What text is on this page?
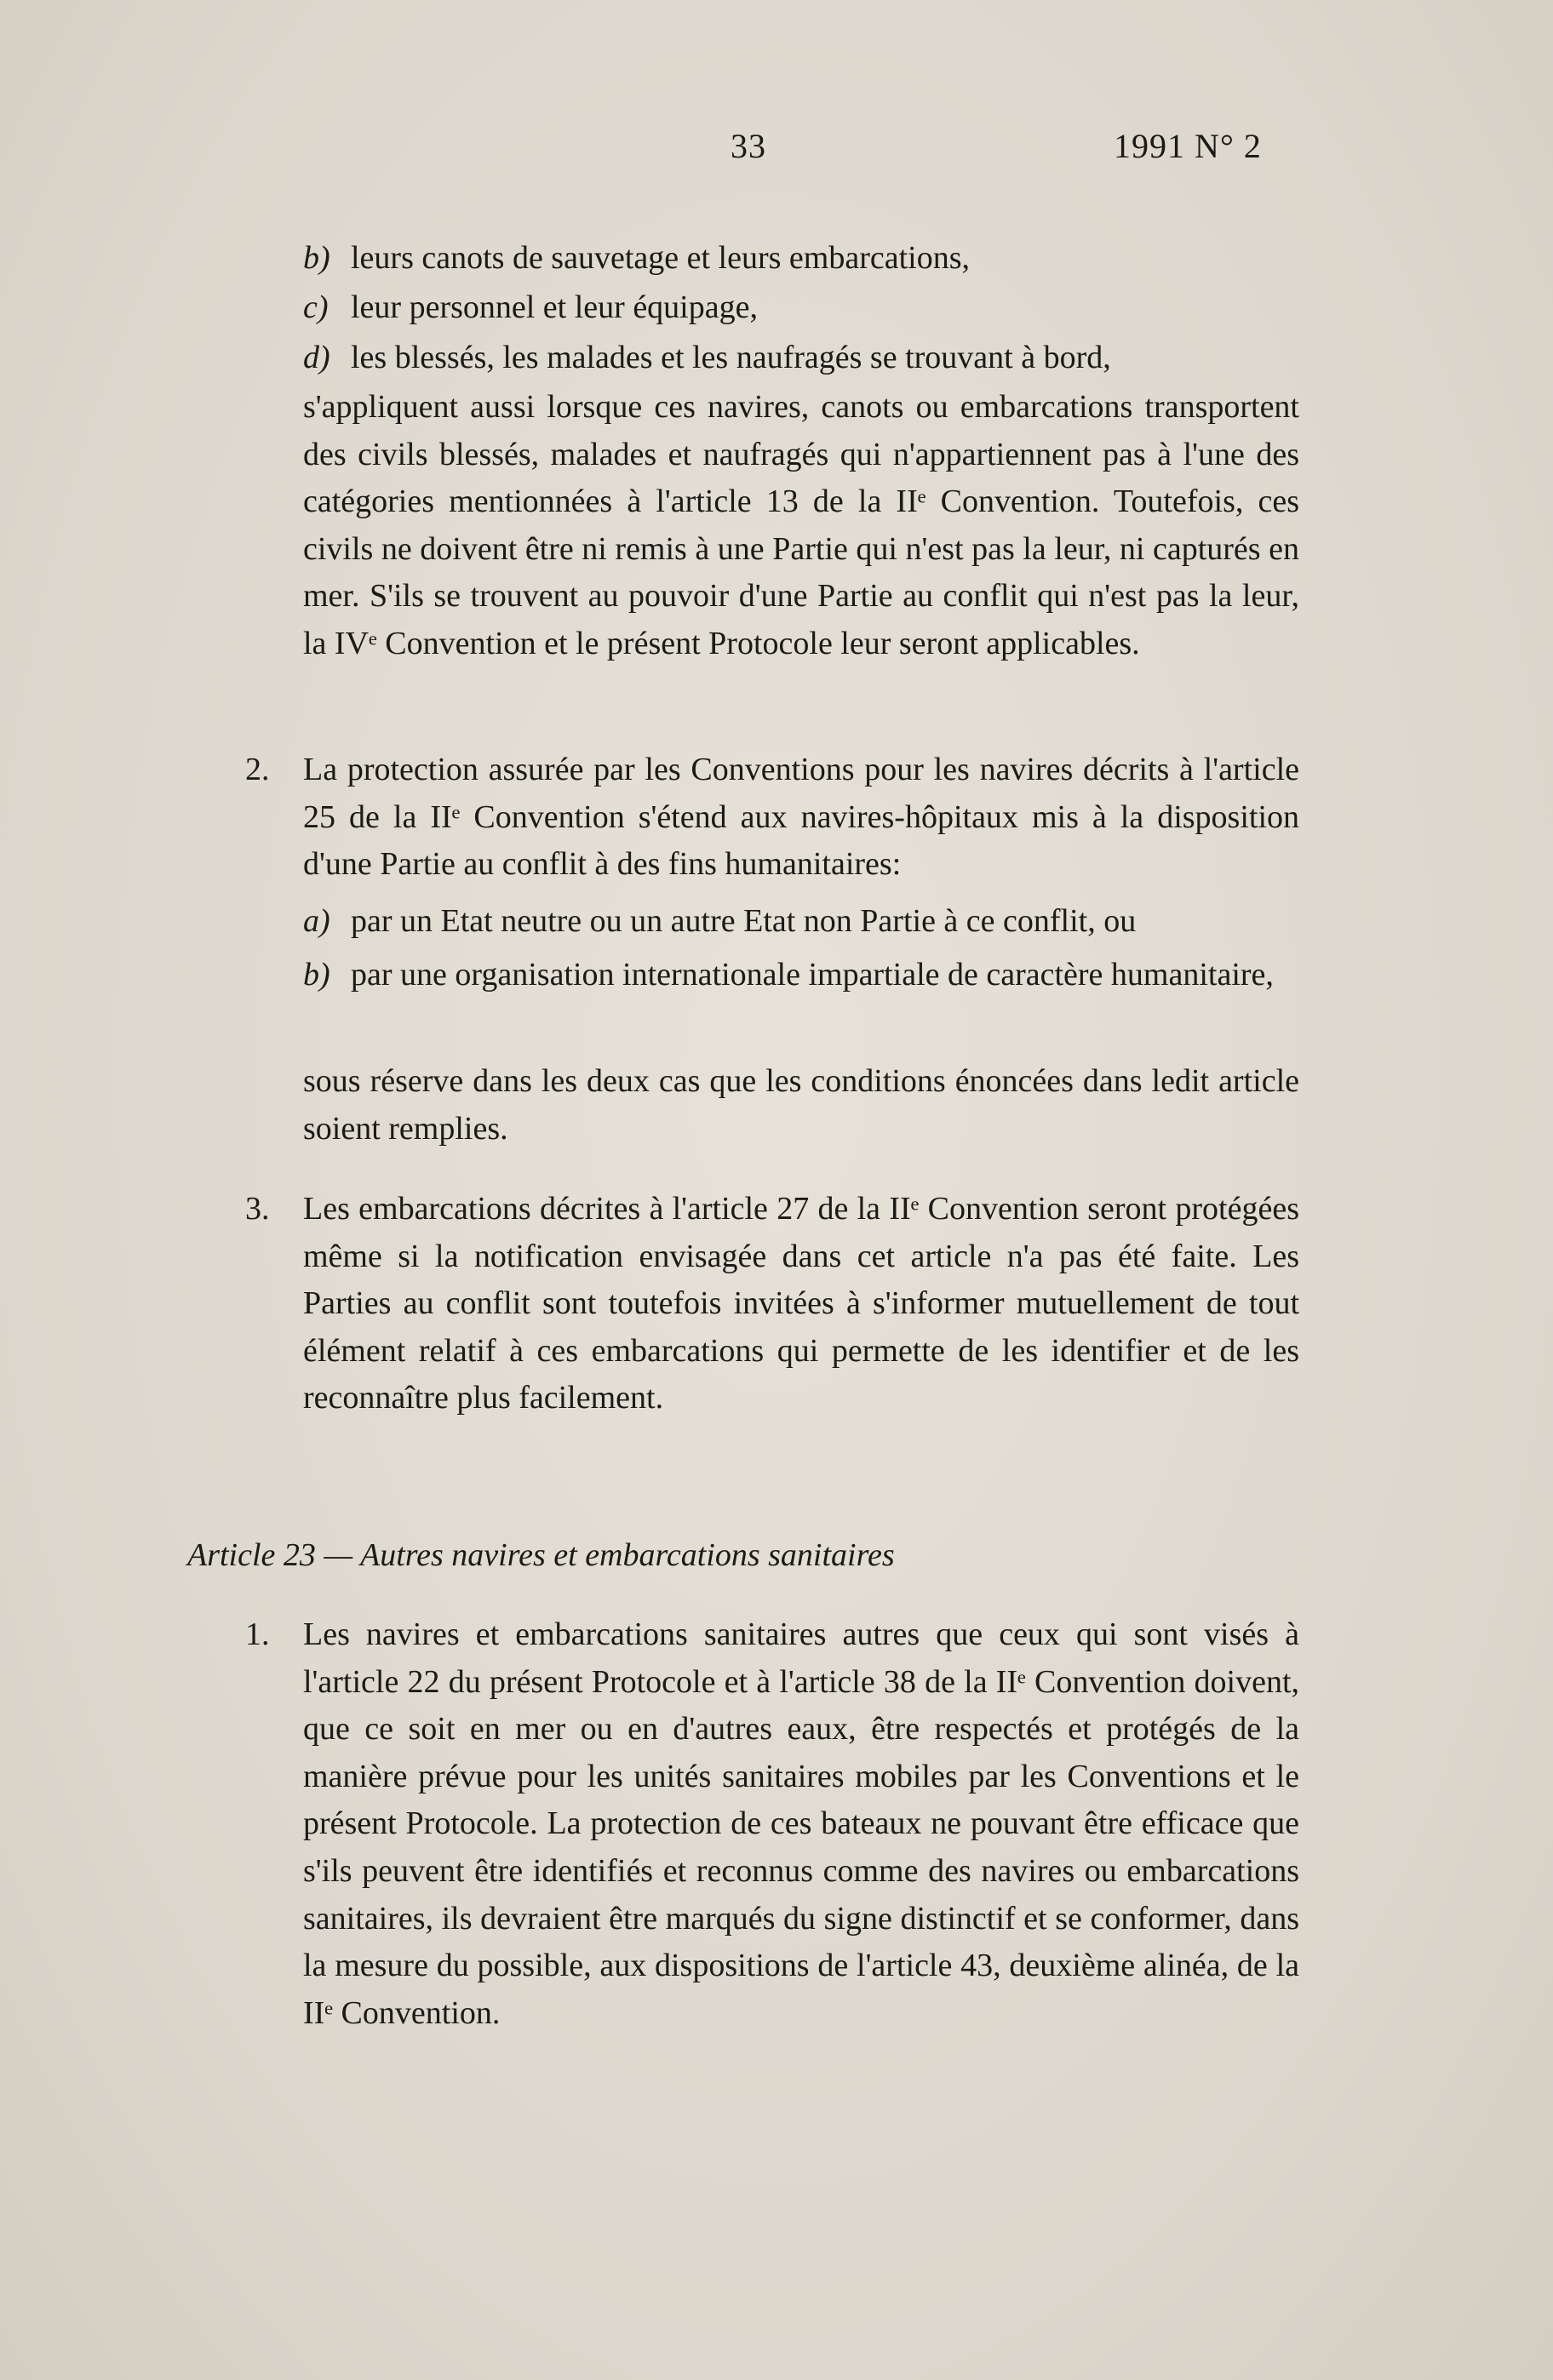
33	1991 N° 2
b) leurs canots de sauvetage et leurs embarcations,
c) leur personnel et leur équipage,
d) les blessés, les malades et les naufragés se trouvant à bord,
s'appliquent aussi lorsque ces navires, canots ou embarcations transportent des civils blessés, malades et naufragés qui n'appartiennent pas à l'une des catégories mentionnées à l'article 13 de la IIᵉ Convention. Toutefois, ces civils ne doivent être ni remis à une Partie qui n'est pas la leur, ni capturés en mer. S'ils se trouvent au pouvoir d'une Partie au conflit qui n'est pas la leur, la IVᵉ Convention et le présent Protocole leur seront applicables.
2. La protection assurée par les Conventions pour les navires décrits à l'article 25 de la IIᵉ Convention s'étend aux navires-hôpitaux mis à la disposition d'une Partie au conflit à des fins humanitaires:
a) par un Etat neutre ou un autre Etat non Partie à ce conflit, ou
b) par une organisation internationale impartiale de caractère humanitaire,
sous réserve dans les deux cas que les conditions énoncées dans ledit article soient remplies.
3. Les embarcations décrites à l'article 27 de la IIᵉ Convention seront protégées même si la notification envisagée dans cet article n'a pas été faite. Les Parties au conflit sont toutefois invitées à s'informer mutuellement de tout élément relatif à ces embarcations qui permette de les identifier et de les reconnaître plus facilement.
Article 23 — Autres navires et embarcations sanitaires
1. Les navires et embarcations sanitaires autres que ceux qui sont visés à l'article 22 du présent Protocole et à l'article 38 de la IIᵉ Convention doivent, que ce soit en mer ou en d'autres eaux, être respectés et protégés de la manière prévue pour les unités sanitaires mobiles par les Conventions et le présent Protocole. La protection de ces bateaux ne pouvant être efficace que s'ils peuvent être identifiés et reconnus comme des navires ou embarcations sanitaires, ils devraient être marqués du signe distinctif et se conformer, dans la mesure du possible, aux dispositions de l'article 43, deuxième alinéa, de la IIᵉ Convention.
